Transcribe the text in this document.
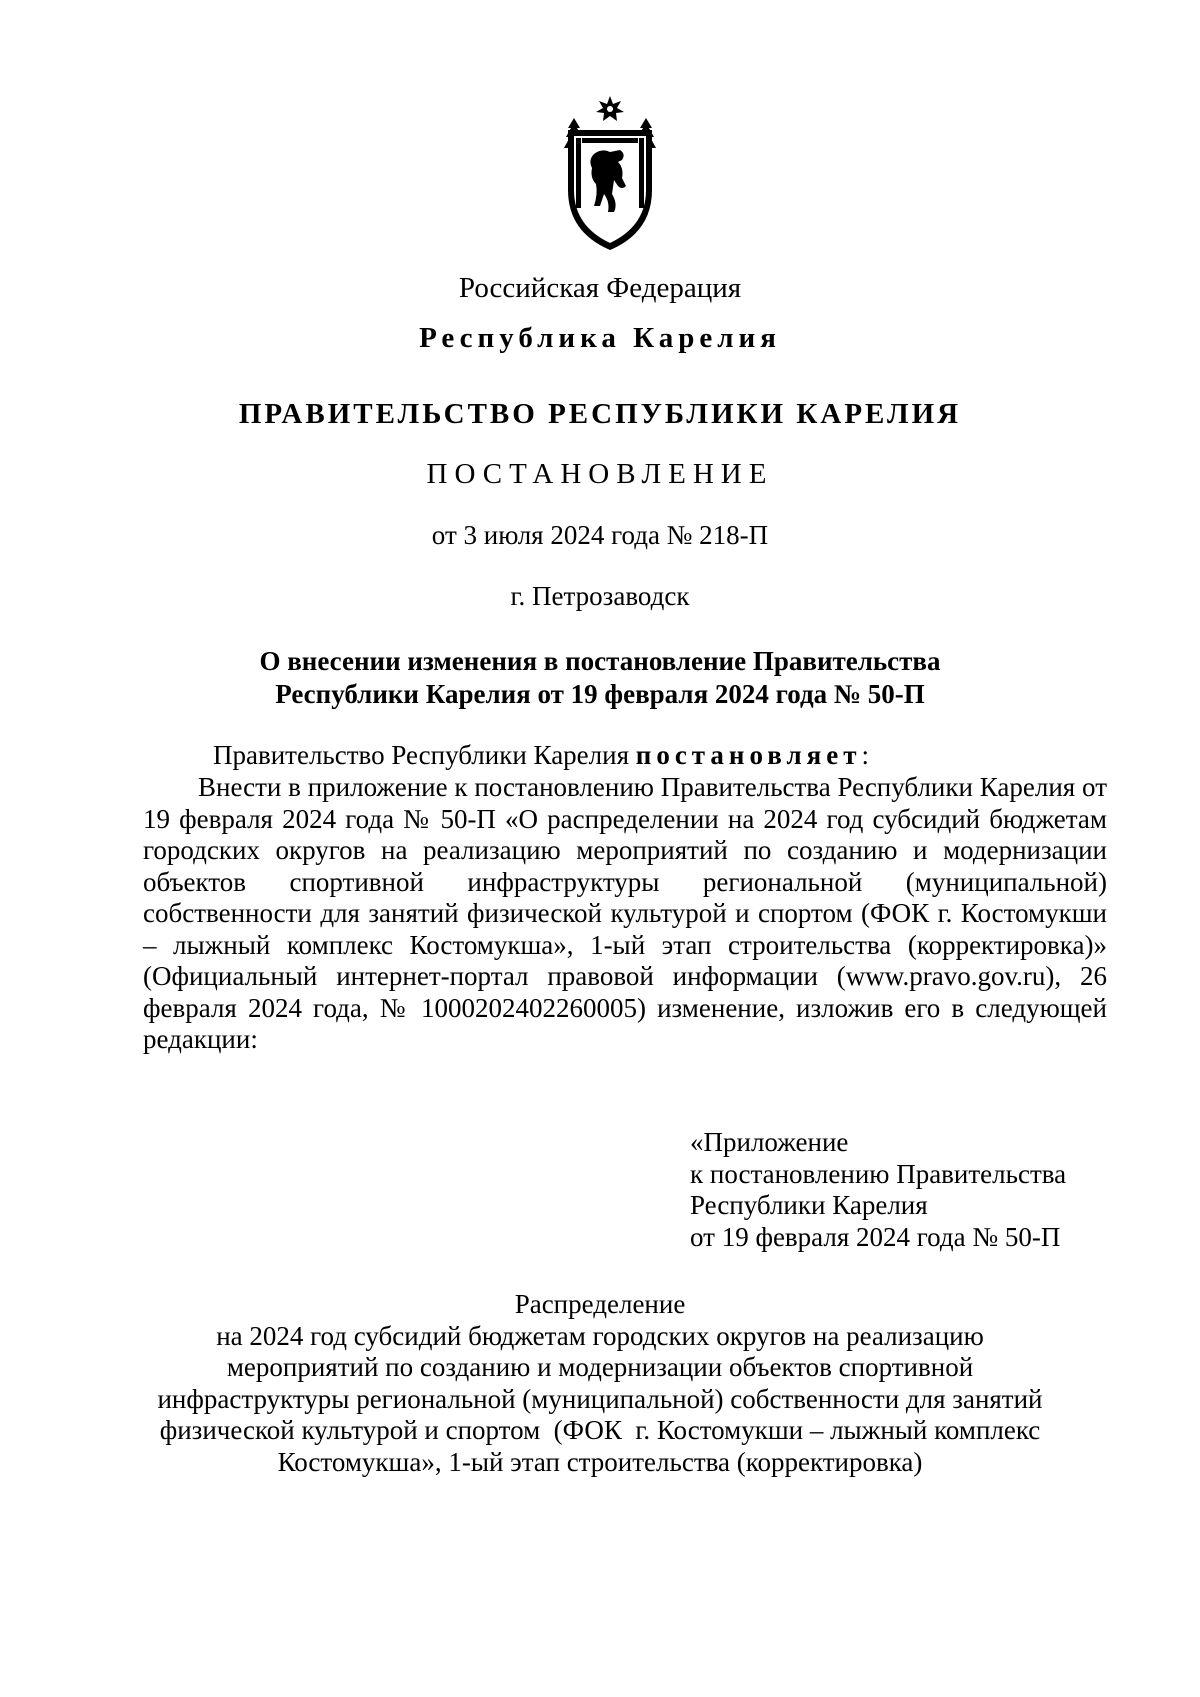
Российская Федерация
Республика Карелия
ПРАВИТЕЛЬСТВО РЕСПУБЛИКИ КАРЕЛИЯ
ПОСТАНОВЛЕНИЕ
от 3 июля 2024 года № 218-П
г. Петрозаводск
О внесении изменения в постановление Правительства
Республики Карелия от 19 февраля 2024 года № 50-П
Правительство Республики Карелия постановляет:
Внести в приложение к постановлению Правительства Республики Карелия от 19 февраля 2024 года № 50-П «О распределении на 2024 год субсидий бюджетам городских округов на реализацию мероприятий по созданию и модернизации объектов спортивной инфраструктуры региональной (муниципальной) собственности для занятий физической культурой и спортом (ФОК г. Костомукши – лыжный комплекс Костомукша», 1-ый этап строительства (корректировка)» (Официальный интернет-портал правовой информации (www.pravo.gov.ru), 26 февраля 2024 года, № 1000202402260005) изменение, изложив его в следующей редакции:
«Приложение
к постановлению Правительства
Республики Карелия
от 19 февраля 2024 года № 50-П
Распределение
на 2024 год субсидий бюджетам городских округов на реализацию
мероприятий по созданию и модернизации объектов спортивной
инфраструктуры региональной (муниципальной) собственности для занятий
физической культурой и спортом  (ФОК  г. Костомукши – лыжный комплекс
Костомукша», 1-ый этап строительства (корректировка)
